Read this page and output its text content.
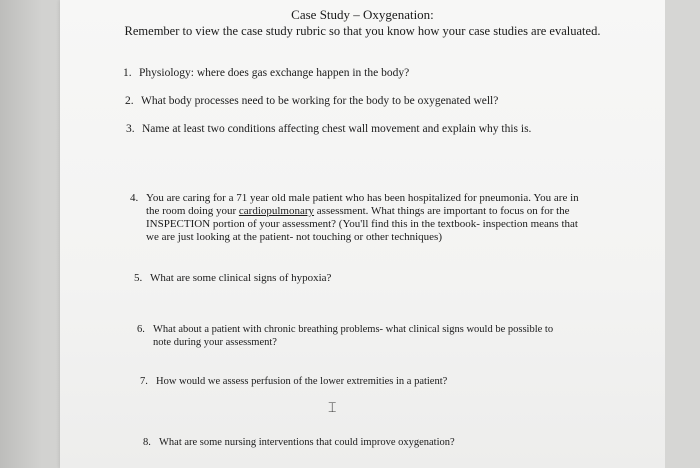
Case Study – Oxygenation:
Remember to view the case study rubric so that you know how your case studies are evaluated.
1. Physiology: where does gas exchange happen in the body?
2. What body processes need to be working for the body to be oxygenated well?
3. Name at least two conditions affecting chest wall movement and explain why this is.
4. You are caring for a 71 year old male patient who has been hospitalized for pneumonia. You are in
the room doing your cardiopulmonary assessment. What things are important to focus on for the
INSPECTION portion of your assessment? (You'll find this in the textbook- inspection means that
we are just looking at the patient- not touching or other techniques)
5. What are some clinical signs of hypoxia?
6. What about a patient with chronic breathing problems- what clinical signs would be possible to
note during your assessment?
7. How would we assess perfusion of the lower extremities in a patient?
⌶
8. What are some nursing interventions that could improve oxygenation?
